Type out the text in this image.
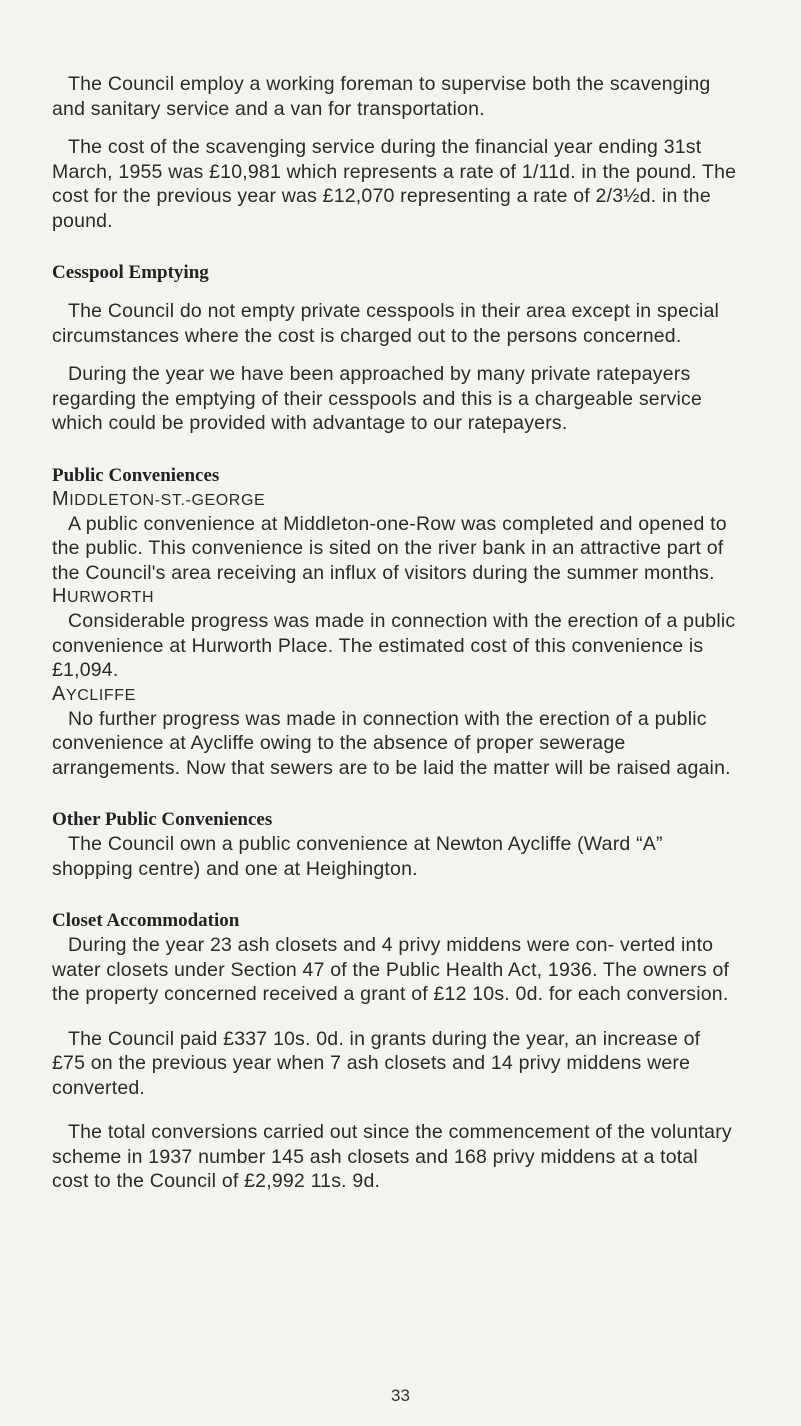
The Council employ a working foreman to supervise both the scavenging and sanitary service and a van for transportation.

The cost of the scavenging service during the financial year ending 31st March, 1955 was £10,981 which represents a rate of 1/11d. in the pound. The cost for the previous year was £12,070 representing a rate of 2/3½d. in the pound.

Cesspool Emptying

The Council do not empty private cesspools in their area except in special circumstances where the cost is charged out to the persons concerned.

During the year we have been approached by many private ratepayers regarding the emptying of their cesspools and this is a chargeable service which could be provided with advantage to our ratepayers.

Public Conveniences
MIDDLETON-ST.-GEORGE

A public convenience at Middleton-one-Row was completed and opened to the public. This convenience is sited on the river bank in an attractive part of the Council's area receiving an influx of visitors during the summer months.

HURWORTH

Considerable progress was made in connection with the erection of a public convenience at Hurworth Place. The estimated cost of this convenience is £1,094.

AYCLIFFE

No further progress was made in connection with the erection of a public convenience at Aycliffe owing to the absence of proper sewerage arrangements. Now that sewers are to be laid the matter will be raised again.

Other Public Conveniences

The Council own a public convenience at Newton Aycliffe (Ward “A” shopping centre) and one at Heighington.

Closet Accommodation

During the year 23 ash closets and 4 privy middens were con- verted into water closets under Section 47 of the Public Health Act, 1936. The owners of the property concerned received a grant of £12 10s. 0d. for each conversion.

The Council paid £337 10s. 0d. in grants during the year, an increase of £75 on the previous year when 7 ash closets and 14 privy middens were converted.

The total conversions carried out since the commencement of the voluntary scheme in 1937 number 145 ash closets and 168 privy middens at a total cost to the Council of £2,992 11s. 9d.

33
